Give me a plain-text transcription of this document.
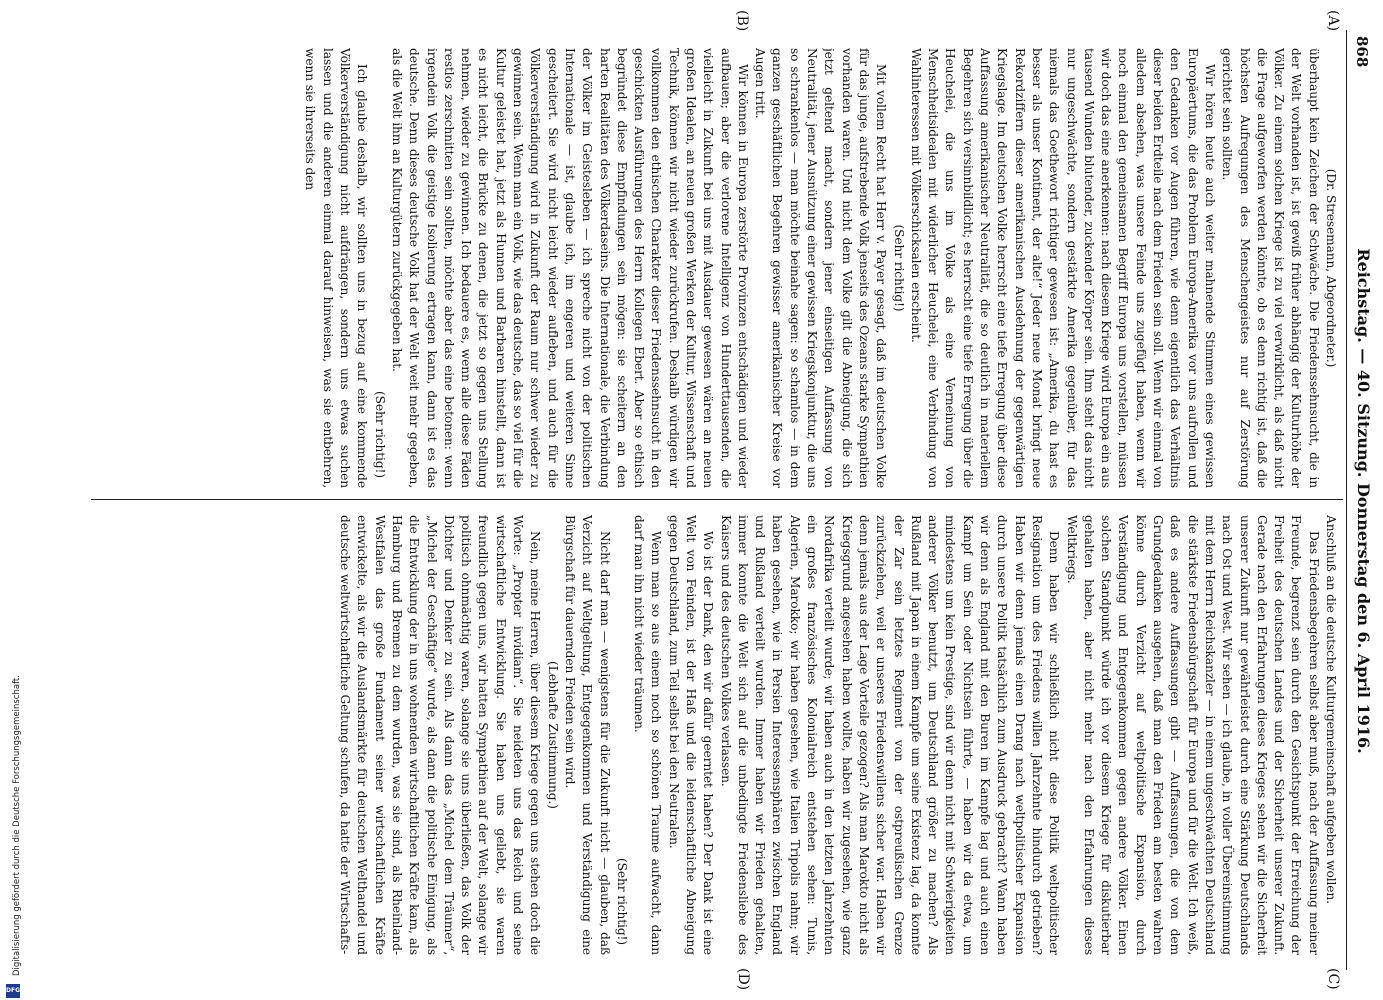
868
Reichstag. — 40. Sitzung. Donnerstag den 6. April 1916.
(A)
(B)
(C)
(D)

(Dr. Stresemann, Abgeordneter.)

überhaupt kein Zeichen der Schwäche. Die Friedenssehnsucht, die in der Welt vorhanden ist, ist gewiß früher abhängig der Kulturhöhe der Völker. Zu einem solchen Kriege ist zu viel verwirklicht, als daß nicht die Frage aufgeworfen werden könnte, ob es denn richtig ist, daß die höchsten Aufregungen des Menschengeistes nur auf Zerstörung gerichtet sein sollten.

Wir hören heute auch weiter mahnende Stimmen eines gewissen Europäertums, die das Problem Europa-Amerika vor uns aufrollen und den Gedanken vor Augen führen, wie denn eigentlich das Verhältnis dieser beiden Erdteile nach dem Frieden sein soll. Wenn wir einmal von alledem absehen, was unsere Feinde uns zugefügt haben, wenn wir noch einmal den gemeinsamen Begriff Europa uns vorstellen, müssen wir doch das eine anerkennen: nach diesem Kriege wird Europa ein aus tausend Wunden blutender, zuckender Körper sein. Ihm steht das nicht nur ungeschwächte, sondern gestärkte Amerika gegenüber, für das niemals das Goethewort richtiger gewesen ist: „Amerika, du hast es besser als unser Kontinent, der alte!“ Jeder neue Monat bringt neue Rekordziffern dieser amerikanischen Ausdehnung der gegenwärtigen Kriegslage. Im deutschen Volke herrscht eine tiefe Erregung über diese Auffassung amerikanischer Neutralität, die so deutlich in materiellem Begehren sich versinnbildlicht; es herrscht eine tiefe Erregung über die Heuchelei, die uns im Volke als eine Verneinung von Menschheitsidealen mit widerlicher Heuchelei, eine Verbindung von Wahlinteressen mit Völkerschicksalen erscheint.

(Sehr richtig!)

Mit vollem Recht hat Herr v. Payer gesagt, daß im deutschen Volke für das junge, aufstrebende Volk jenseits des Ozeans starke Sympathien vorhanden waren. Und nicht dem Volke gilt die Abneigung, die sich jetzt geltend macht, sondern jener einseitigen Auffassung von Neutralität, jener Ausnützung einer gewissen Kriegskonjunktur, die uns so schrankenlos — man möchte beinahe sagen: so schamlos — in dem ganzen geschäftlichen Begehren gewisser amerikanischer Kreise vor Augen tritt.

Wir können in Europa zerstörte Provinzen entschädigen und wieder aufbauen; aber die verlorene Intelligenz von Hunderttausenden, die vielleicht in Zukunft bei uns mit Ausdauer gewesen wären an neuen großen Idealen, an neuen großen Werken der Kultur, Wissenschaft und Technik, können wir nicht wieder zurückrufen. Deshalb würdigen wir vollkommen den ethischen Charakter dieser Friedenssehnsucht in den geschickten Ausführungen des Herrn Kollegen Ebert. Aber so ethisch begründet diese Empfindungen sein mögen: sie scheitern an den harten Realitäten des Völkerdaseins. Die Internationale, die Verbindung der Völker im Geistesleben — ich spreche nicht von der politischen Internationale — ist, glaube ich, im engeren und weiteren Sinne gescheitert. Sie wird nicht leicht wieder aufleben, und auch für die Völkerverständigung wird in Zukunft der Raum nur schwer wieder zu gewinnen sein. Wenn man ein Volk, wie das deutsche, das so viel für die Kultur geleistet hat, jetzt als Hunnen und Barbaren hinstellt, dann ist es nicht leicht, die Brücke zu denen, die jetzt so gegen uns Stellung nehmen, wieder zu gewinnen. Ich bedauere es, wenn alle diese Fäden restlos zerschnitten sein sollten, möchte aber das eine betonen: wenn irgendein Volk die geistige Isolierung ertragen kann, dann ist es das deutsche. Denn dieses deutsche Volk hat der Welt weit mehr gegeben, als die Welt ihm an Kulturgütern zurückgegeben hat.

(Sehr richtig!)

Ich glaube deshalb, wir sollten uns in bezug auf eine kommende Völkerverständigung nicht aufdrängen, sondern uns etwas suchen lassen und die anderen einmal darauf hinweisen, was sie entbehren, wenn sie ihrerseits den

Anschluß an die deutsche Kulturgemeinschaft aufgeben wollen.

Das Friedensbegehren selbst aber muß, nach der Auffassung meiner Freunde, begrenzt sein durch den Gesichtspunkt der Erreichung der Freiheit des deutschen Landes und der Sicherheit unserer Zukunft. Gerade nach den Erfahrungen dieses Krieges sehen wir die Sicherheit unserer Zukunft nur gewährleistet durch eine Stärkung Deutschlands nach Ost und West. Wir sehen — ich glaube, in voller Übereinstimmung mit dem Herrn Reichskanzler — in einem ungeschwächten Deutschland die stärkste Friedensbürgschaft für Europa und für die Welt. Ich weiß, daß es andere Auffassungen gibt — Auffassungen, die von dem Grundgedanken ausgehen, daß man den Frieden am besten wahren könne durch Verzicht auf weltpolitische Expansion, durch Verständigung und Entgegenkommen gegen andere Völker. Einen solchen Standpunkt würde ich vor diesem Kriege für diskutierbar gehalten haben, aber nicht mehr nach den Erfahrungen dieses Weltkriegs.

Denn haben wir schließlich nicht diese Politik weltpolitischer Resignation um des Friedens willen Jahrzehnte hindurch getrieben? Haben wir denn jemals einen Drang nach weltpolitischer Expansion durch unsere Politik tatsächlich zum Ausdruck gebracht? Wann haben wir denn als England mit den Buren im Kampfe lag und auch einen Kampf um Sein oder Nichtsein führte, — haben wir da etwa, um mindestens um kein Prestige, sind wir denn nicht mit Schwierigkeiten anderer Völker benutzt, um Deutschland größer zu machen? Als Rußland mit Japan in einem Kampfe um seine Existenz lag, da konnte der Zar sein letztes Regiment von der ostpreußischen Grenze zurückziehen, weil er unseres Friedenswillens sicher war. Haben wir denn jemals aus der Lage Vorteile gezogen? Als man Marokto nicht als Kriegsgrund angesehen haben wollte, haben wir zugesehen, wie ganz Nordafrika verteilt wurde; wir haben auch in den letzten Jahrzehnten ein großes französisches Kolonialreich entstehen sehen: Tunis, Algerien, Marokko; wir haben gesehen, wie Italien Tripolis nahm; wir haben gesehen, wie in Persien Interessensphären zwischen England und Rußland verteilt wurden. Immer haben wir Frieden gehalten, immer konnte die Welt sich auf die unbedingte Friedensliebe des Kaisers und des deutschen Volkes verlassen.

Wo ist der Dank, den wir dafür geerntet haben? Der Dank ist eine Welt von Feinden, ist der Haß und die leidenschaftliche Abneigung gegen Deutschland, zum Teil selbst bei den Neutralen.

Wenn man so aus einem noch so schönen Traume aufwacht, dann darf man ihn nicht wieder träumen.

(Sehr richtig!)

Nicht darf man — wenigstens für die Zukunft nicht — glauben, daß Verzicht auf Weltgeltung, Entgegenkommen und Verständigung eine Bürgschaft für dauernden Frieden sein wird.

(Lebhafte Zustimmung.)

Nein, meine Herren, über diesem Kriege gegen uns stehen doch die Worte: „Propter invidiam“. Sie neideten uns das Reich und seine wirtschaftliche Entwicklung. Sie haben uns geliebt, sie waren freundlich gegen uns, wir hatten Sympathien auf der Welt, solange wir politisch ohnmächtig waren, solange sie uns überließen, das Volk der Dichter und Denker zu sein. Als dann das „Michel dem Träumer“, „Michel der Geschäftige“ wurde, als dann die politische Einigung, als die Entwicklung der in uns wohnenden wirtschaftlichen Kräfte kam, als Hamburg und Bremen zu dem wurden, was sie sind, als Rheinland-Westfalen das große Fundament seiner wirtschaftlichen Kräfte entwickelte, als wir die Auslandsmärkte für deutschen Welthandel und deutsche weltwirtschaftliche Geltung schufen, da hatte der Wirtschafts-

Digitalisierung gefördert durch die Deutsche Forschungsgemeinschaft.
DFG
